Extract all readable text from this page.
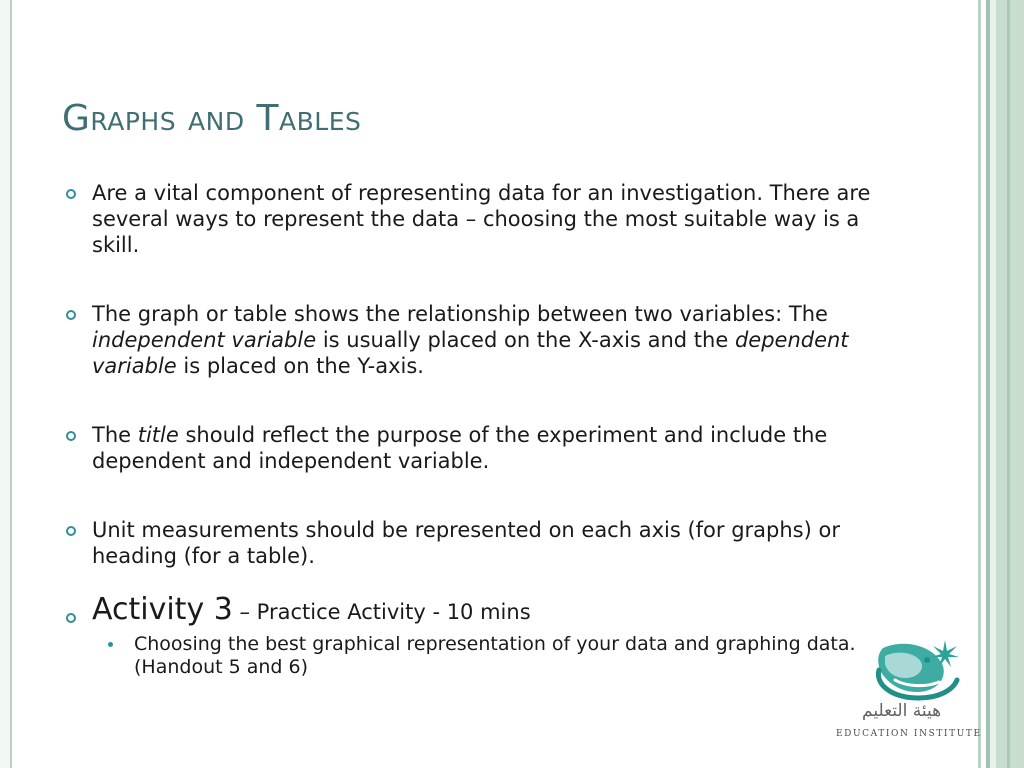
Graphs and Tables
Are a vital component of representing data for an investigation. There are several ways to represent the data – choosing the most suitable way is a skill.
The graph or table shows the relationship between two variables: The independent variable is usually placed on the X-axis and the dependent variable is placed on the Y-axis.
The title should reflect the purpose of the experiment and include the dependent and independent variable.
Unit measurements should be represented on each axis (for graphs) or heading (for a table).
Activity 3 – Practice Activity - 10 mins
Choosing the best graphical representation of your data and graphing data. (Handout 5 and 6)
هيئة التعليم
EDUCATION INSTITUTE
